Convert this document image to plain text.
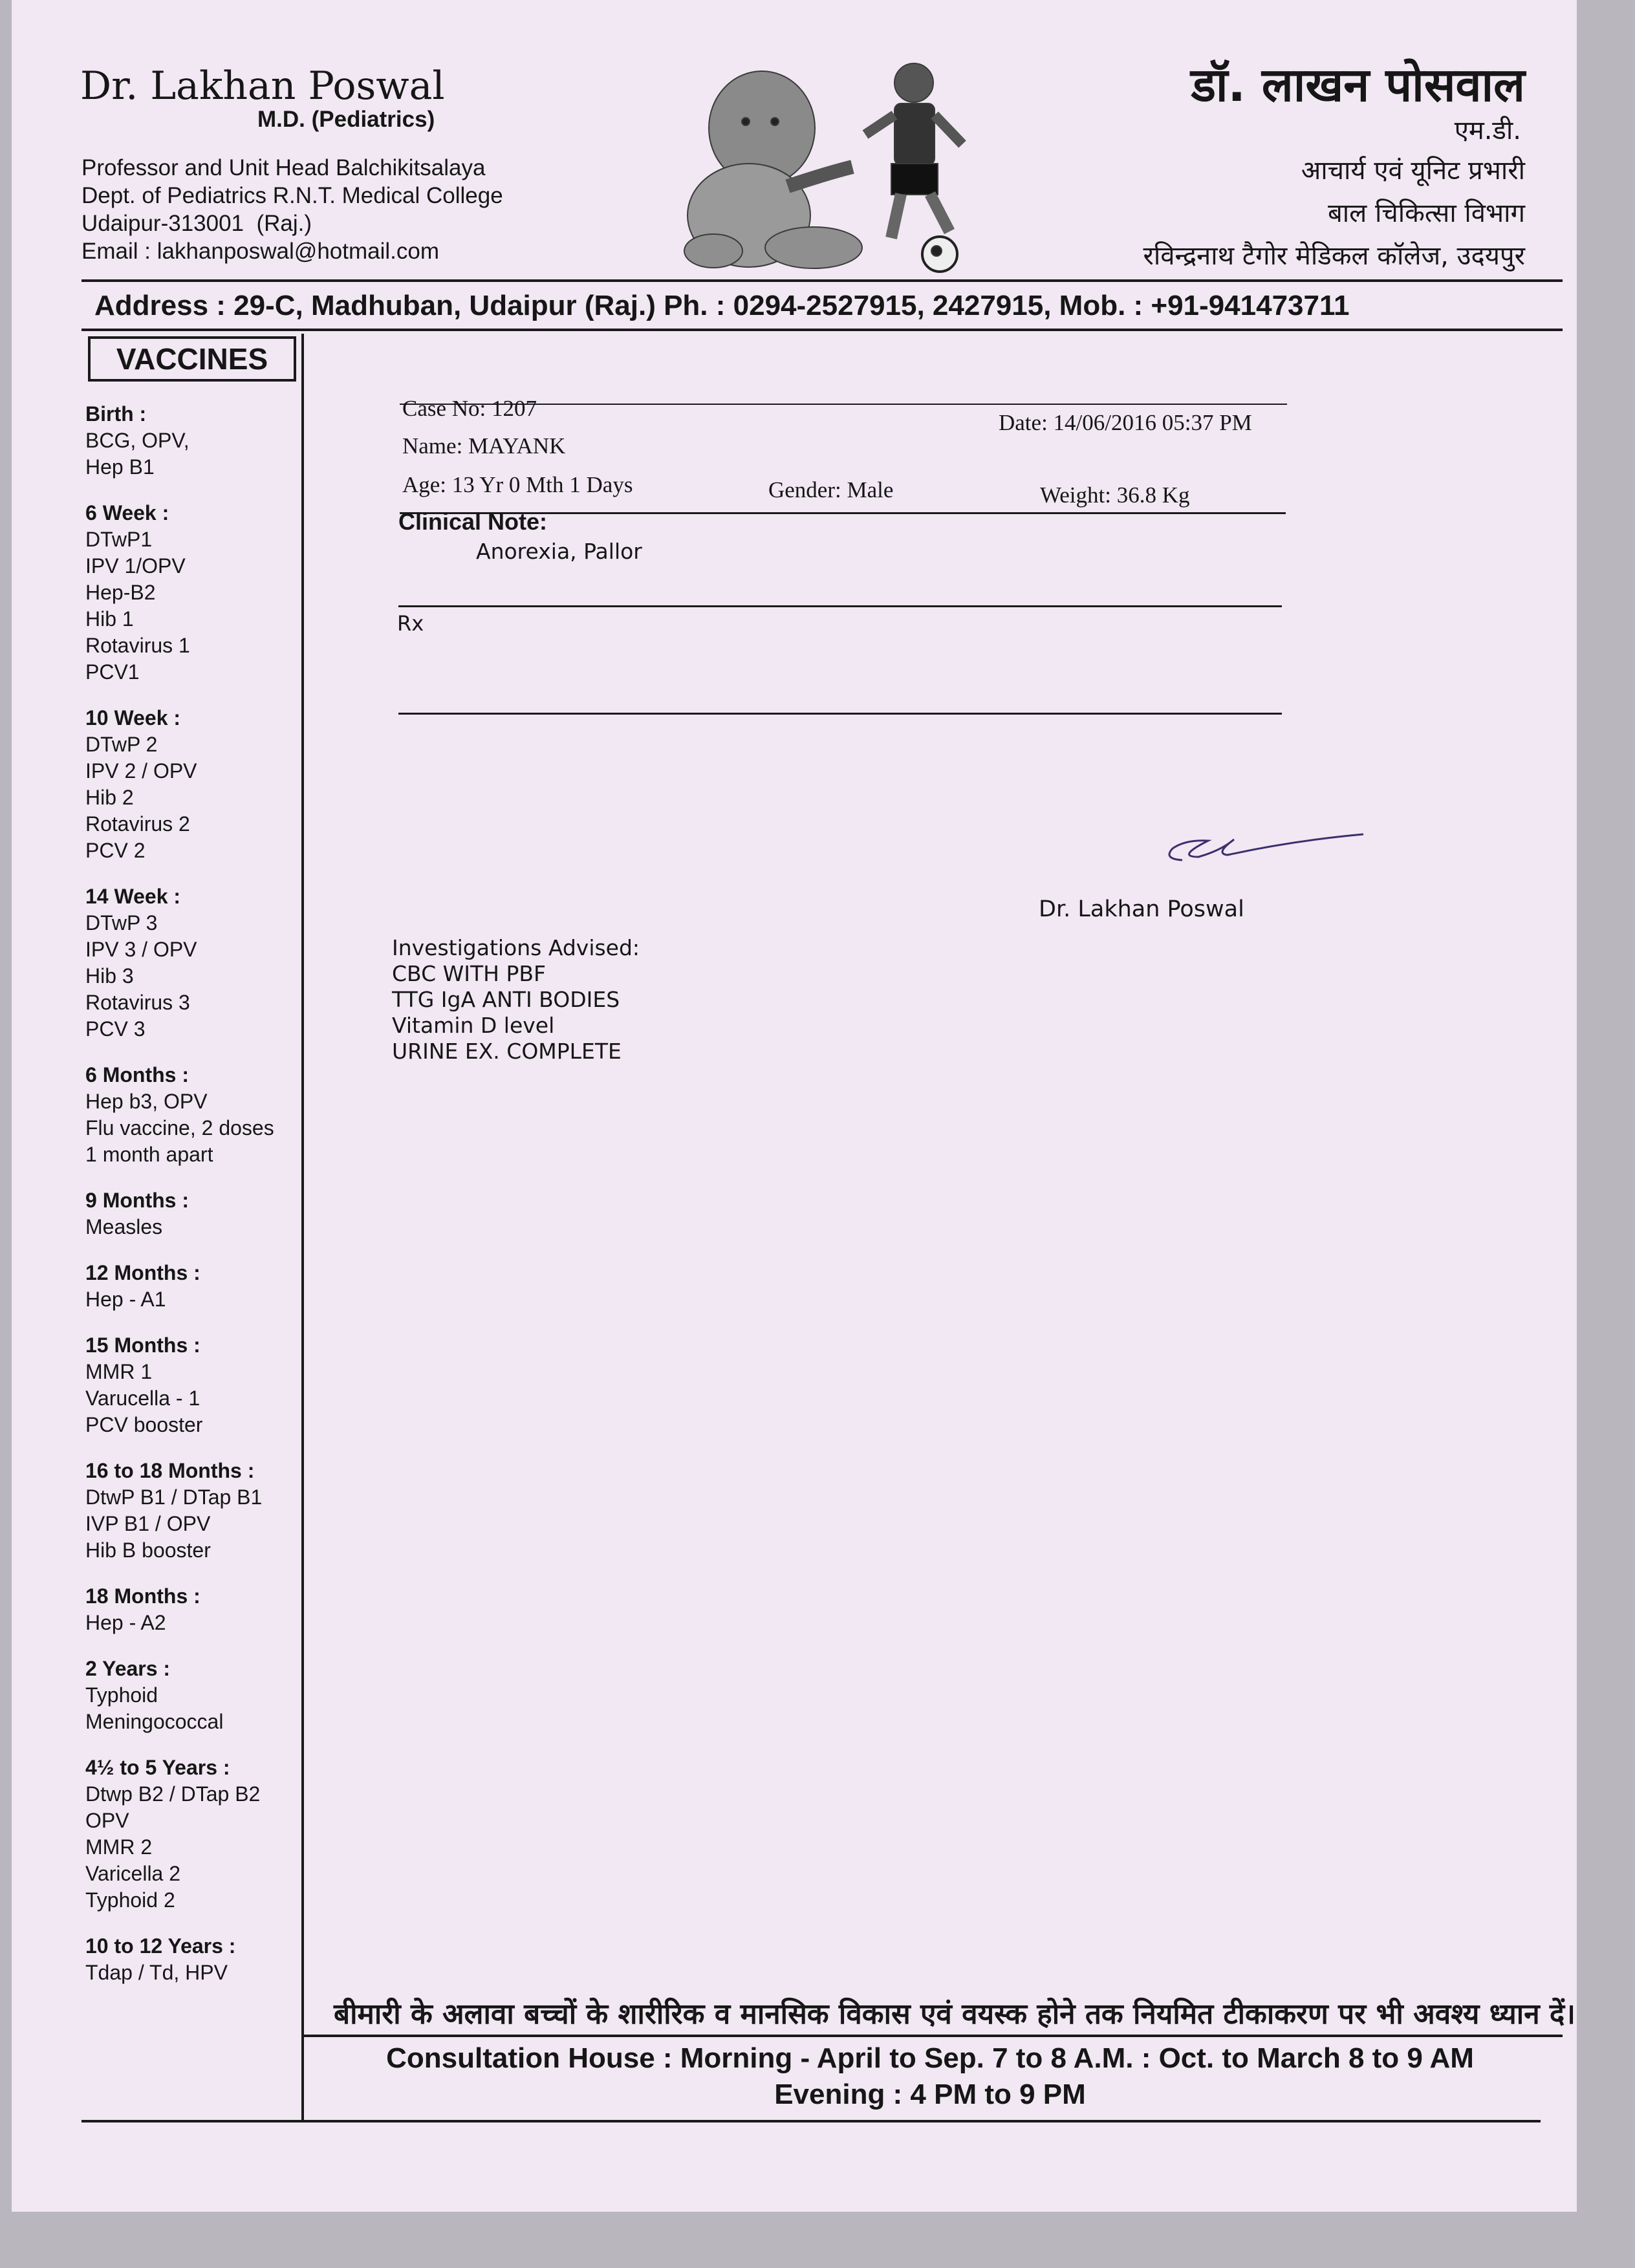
Dr. Lakhan Poswal
M.D. (Pediatrics)
Professor and Unit Head Balchikitsalaya
Dept. of Pediatrics R.N.T. Medical College
Udaipur-313001  (Raj.)
Email : lakhanposwal@hotmail.com
डॉ. लाखन पोसवाल
एम.डी.
आचार्य एवं यूनिट प्रभारी
बाल चिकित्सा विभाग
रविन्द्रनाथ टैगोर मेडिकल कॉलेज, उदयपुर
Address : 29-C, Madhuban, Udaipur (Raj.) Ph. : 0294-2527915, 2427915, Mob. : +91-941473711
VACCINES
Birth :
BCG, OPV,
Hep B1
6 Week :
DTwP1
IPV 1/OPV
Hep-B2
Hib 1
Rotavirus 1
PCV1
10 Week :
DTwP 2
IPV 2 / OPV
Hib 2
Rotavirus 2
PCV 2
14 Week :
DTwP 3
IPV 3 / OPV
Hib 3
Rotavirus 3
PCV 3
6 Months :
Hep b3, OPV
Flu vaccine, 2 doses
1 month apart
9 Months :
Measles
12 Months :
Hep - A1
15 Months :
MMR 1
Varucella - 1
PCV booster
16 to 18 Months :
DtwP B1 / DTap B1
IVP B1 / OPV
Hib B booster
18 Months :
Hep - A2
2 Years :
Typhoid
Meningococcal
4½ to 5 Years :
Dtwp B2 / DTap B2
OPV
MMR 2
Varicella 2
Typhoid 2
10 to 12 Years :
Tdap / Td, HPV
Case No: 1207
Date: 14/06/2016 05:37 PM
Name: MAYANK
Age: 13 Yr 0 Mth 1 Days	Gender: Male	Weight: 36.8 Kg
Clinical Note:
Anorexia, Pallor
Rx
Dr. Lakhan Poswal
Investigations Advised:
CBC WITH PBF
TTG IgA ANTI BODIES
Vitamin D level
URINE EX. COMPLETE
बीमारी के अलावा बच्चों के शारीरिक व मानसिक विकास एवं वयस्क होने तक नियमित टीकाकरण पर भी अवश्य ध्यान दें।
Consultation House : Morning - April to Sep. 7 to 8 A.M. : Oct. to March 8 to 9 AM
Evening : 4 PM to 9 PM
